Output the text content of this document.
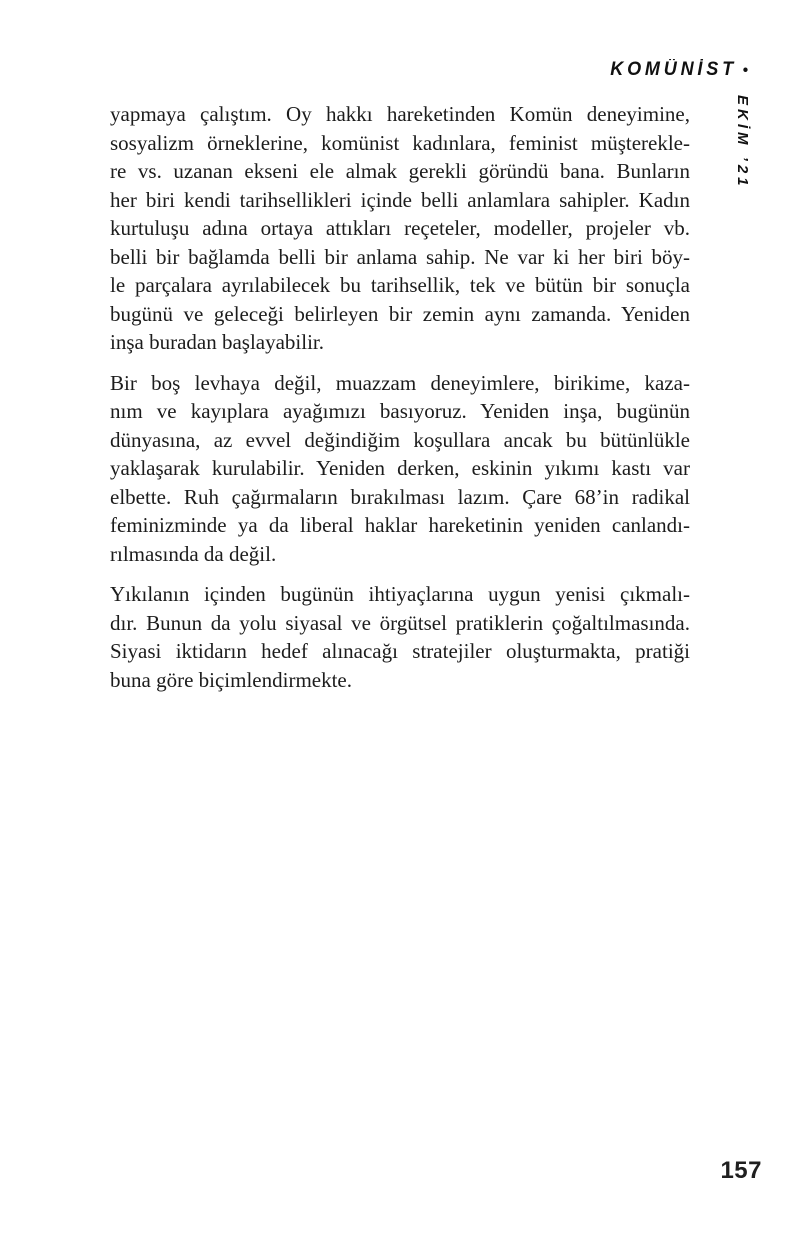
KOMÜNİST •
EKİM ’21
yapmaya çalıştım. Oy hakkı hareketinden Komün deneyimine,
sosyalizm örneklerine, komünist kadınlara, feminist müşterekle-
re vs. uzanan ekseni ele almak gerekli göründü bana. Bunların
her biri kendi tarihsellikleri içinde belli anlamlara sahipler. Kadın
kurtuluşu adına ortaya attıkları reçeteler, modeller, projeler vb.
belli bir bağlamda belli bir anlama sahip. Ne var ki her biri böy-
le parçalara ayrılabilecek bu tarihsellik, tek ve bütün bir sonuçla
bugünü ve geleceği belirleyen bir zemin aynı zamanda. Yeniden
inşa buradan başlayabilir.
Bir boş levhaya değil, muazzam deneyimlere, birikime, kaza-
nım ve kayıplara ayağımızı basıyoruz. Yeniden inşa, bugünün
dünyasına, az evvel değindiğim koşullara ancak bu bütünlükle
yaklaşarak kurulabilir. Yeniden derken, eskinin yıkımı kastı var
elbette. Ruh çağırmaların bırakılması lazım. Çare 68’in radikal
feminizminde ya da liberal haklar hareketinin yeniden canlandı-
rılmasında da değil.
Yıkılanın içinden bugünün ihtiyaçlarına uygun yenisi çıkmalı-
dır. Bunun da yolu siyasal ve örgütsel pratiklerin çoğaltılmasında.
Siyasi iktidarın hedef alınacağı stratejiler oluşturmakta, pratiği
buna göre biçimlendirmekte.
157
